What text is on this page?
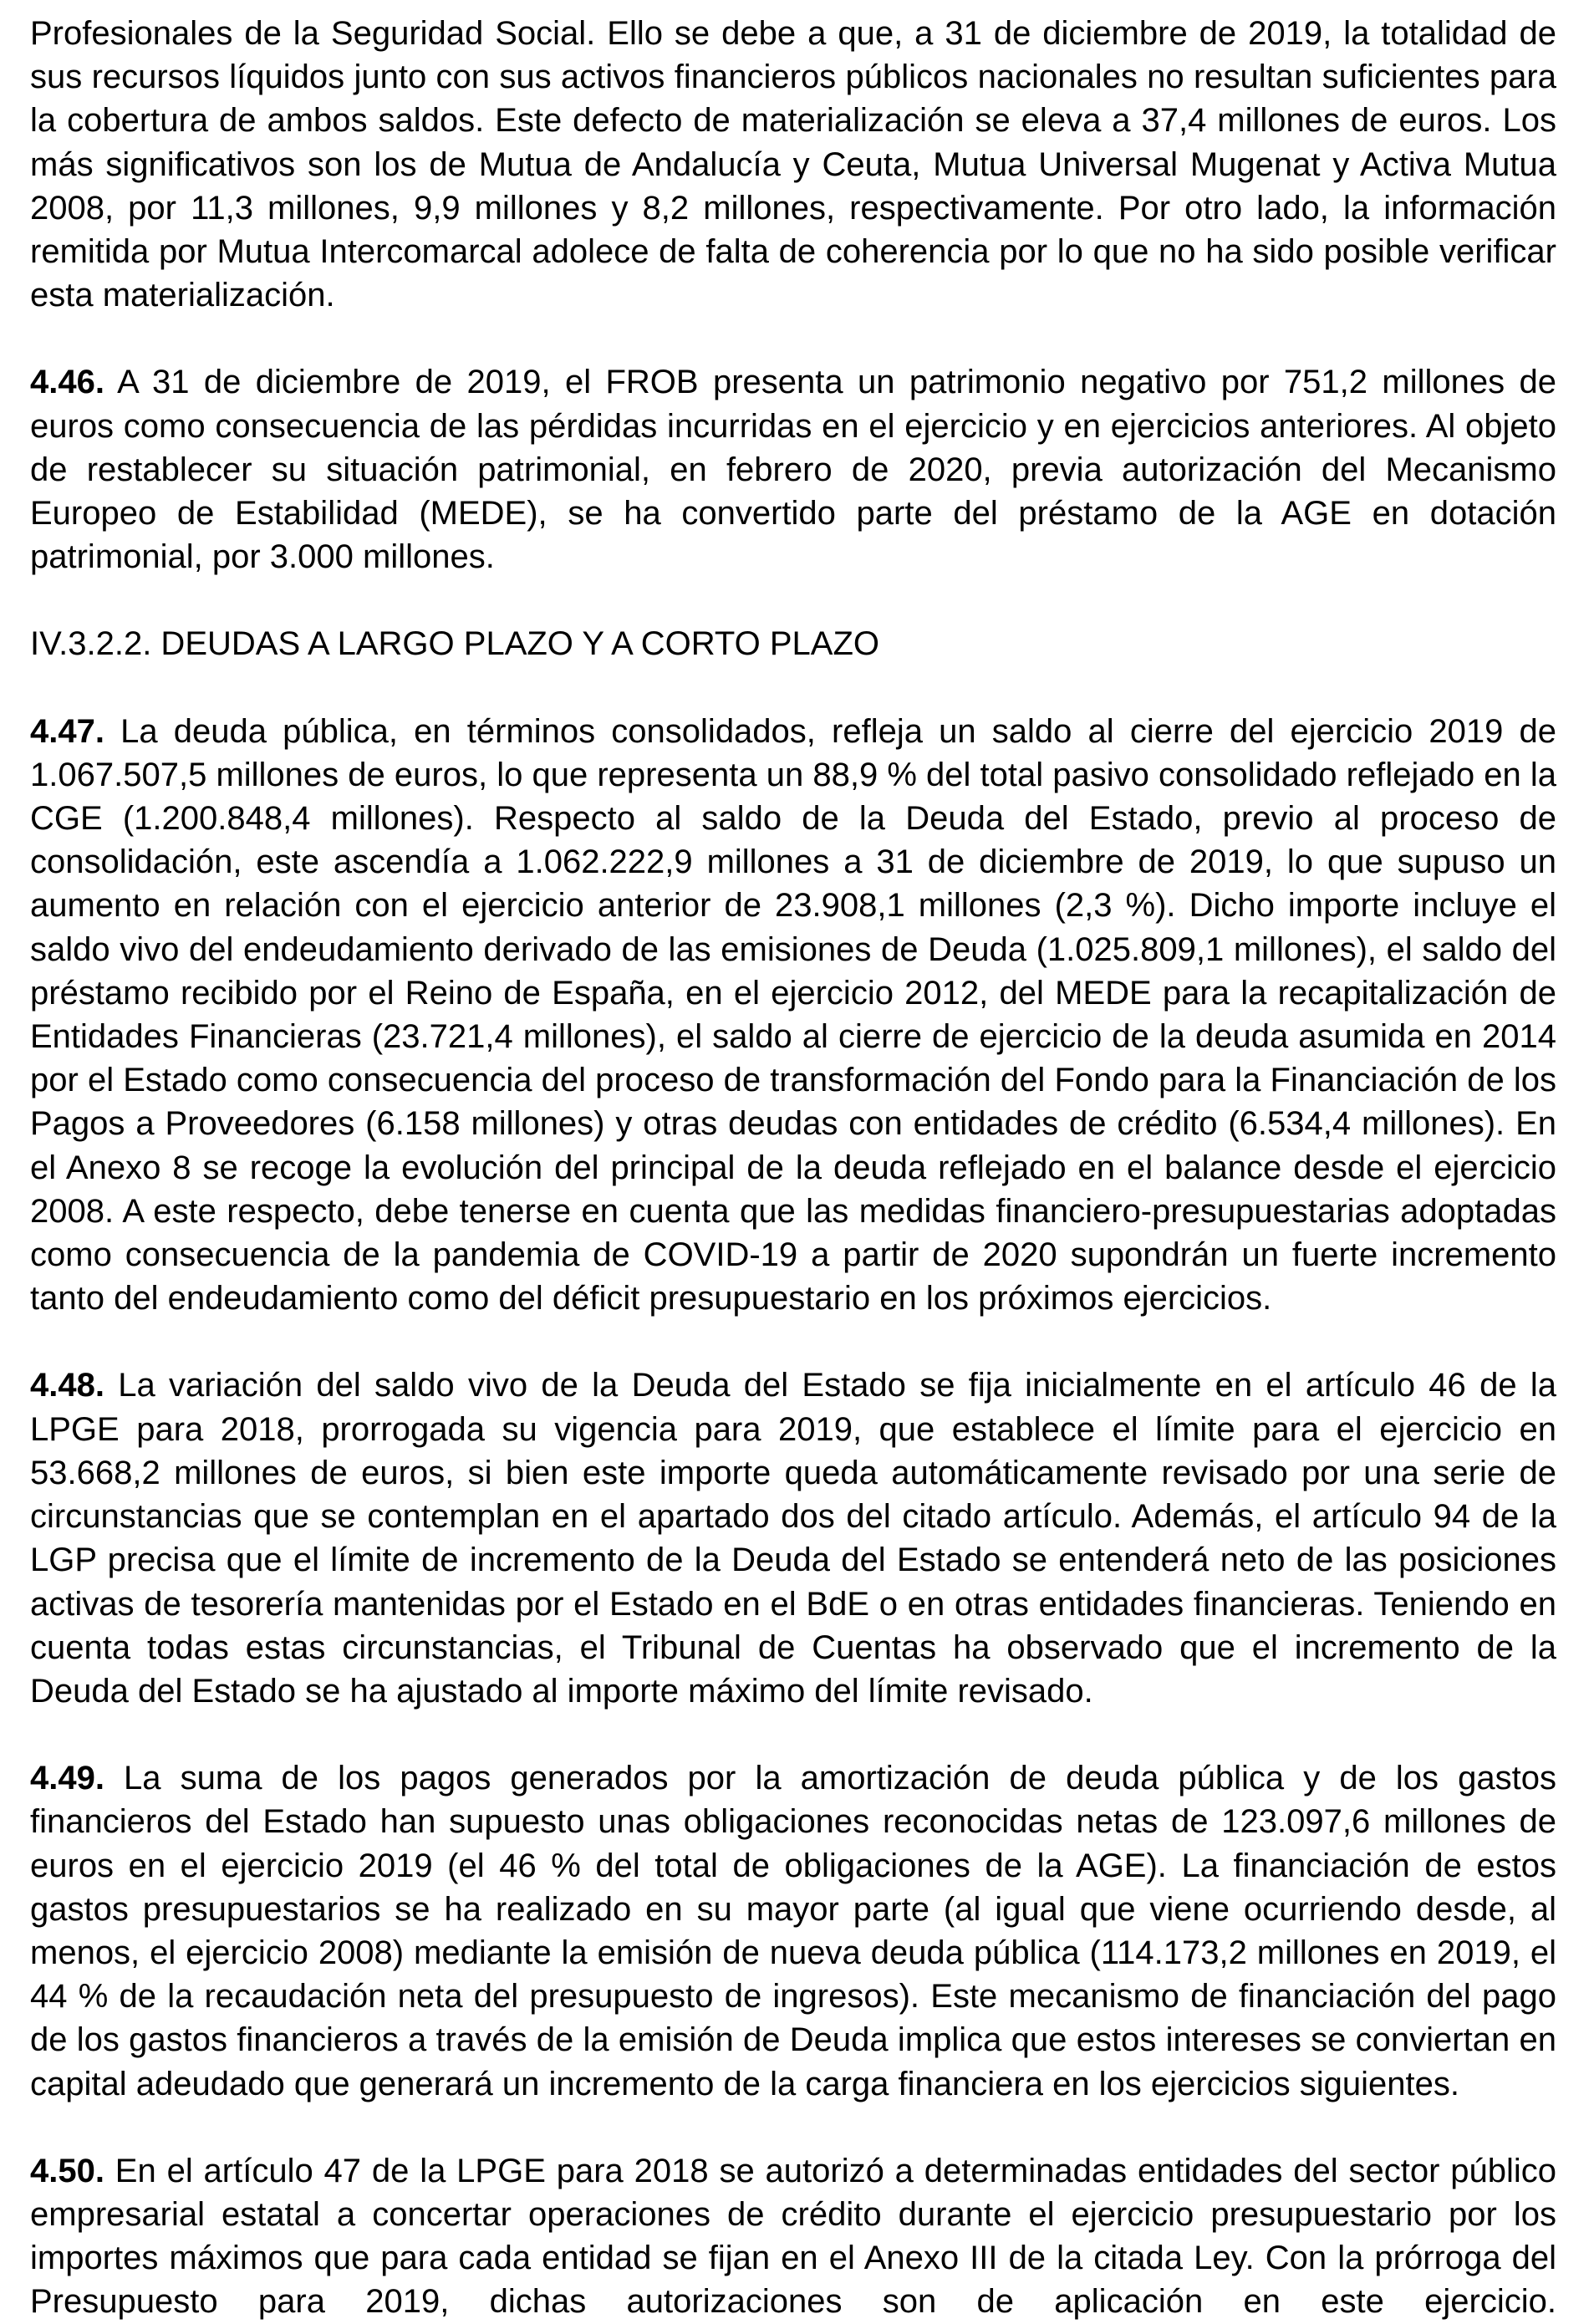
Profesionales de la Seguridad Social. Ello se debe a que, a 31 de diciembre de 2019, la totalidad de sus recursos líquidos junto con sus activos financieros públicos nacionales no resultan suficientes para la cobertura de ambos saldos. Este defecto de materialización se eleva a 37,4 millones de euros. Los más significativos son los de Mutua de Andalucía y Ceuta, Mutua Universal Mugenat y Activa Mutua 2008, por 11,3 millones, 9,9 millones y 8,2 millones, respectivamente. Por otro lado, la información remitida por Mutua Intercomarcal adolece de falta de coherencia por lo que no ha sido posible verificar esta materialización.

4.46. A 31 de diciembre de 2019, el FROB presenta un patrimonio negativo por 751,2 millones de euros como consecuencia de las pérdidas incurridas en el ejercicio y en ejercicios anteriores. Al objeto de restablecer su situación patrimonial, en febrero de 2020, previa autorización del Mecanismo Europeo de Estabilidad (MEDE), se ha convertido parte del préstamo de la AGE en dotación patrimonial, por 3.000 millones.

IV.3.2.2. DEUDAS A LARGO PLAZO Y A CORTO PLAZO

4.47. La deuda pública, en términos consolidados, refleja un saldo al cierre del ejercicio 2019 de 1.067.507,5 millones de euros, lo que representa un 88,9 % del total pasivo consolidado reflejado en la CGE (1.200.848,4 millones). Respecto al saldo de la Deuda del Estado, previo al proceso de consolidación, este ascendía a 1.062.222,9 millones a 31 de diciembre de 2019, lo que supuso un aumento en relación con el ejercicio anterior de 23.908,1 millones (2,3 %). Dicho importe incluye el saldo vivo del endeudamiento derivado de las emisiones de Deuda (1.025.809,1 millones), el saldo del préstamo recibido por el Reino de España, en el ejercicio 2012, del MEDE para la recapitalización de Entidades Financieras (23.721,4 millones), el saldo al cierre de ejercicio de la deuda asumida en 2014 por el Estado como consecuencia del proceso de transformación del Fondo para la Financiación de los Pagos a Proveedores (6.158 millones) y otras deudas con entidades de crédito (6.534,4 millones). En el Anexo 8 se recoge la evolución del principal de la deuda reflejado en el balance desde el ejercicio 2008. A este respecto, debe tenerse en cuenta que las medidas financiero-presupuestarias adoptadas como consecuencia de la pandemia de COVID-19 a partir de 2020 supondrán un fuerte incremento tanto del endeudamiento como del déficit presupuestario en los próximos ejercicios.

4.48. La variación del saldo vivo de la Deuda del Estado se fija inicialmente en el artículo 46 de la LPGE para 2018, prorrogada su vigencia para 2019, que establece el límite para el ejercicio en 53.668,2 millones de euros, si bien este importe queda automáticamente revisado por una serie de circunstancias que se contemplan en el apartado dos del citado artículo. Además, el artículo 94 de la LGP precisa que el límite de incremento de la Deuda del Estado se entenderá neto de las posiciones activas de tesorería mantenidas por el Estado en el BdE o en otras entidades financieras. Teniendo en cuenta todas estas circunstancias, el Tribunal de Cuentas ha observado que el incremento de la Deuda del Estado se ha ajustado al importe máximo del límite revisado.

4.49. La suma de los pagos generados por la amortización de deuda pública y de los gastos financieros del Estado han supuesto unas obligaciones reconocidas netas de 123.097,6 millones de euros en el ejercicio 2019 (el 46 % del total de obligaciones de la AGE). La financiación de estos gastos presupuestarios se ha realizado en su mayor parte (al igual que viene ocurriendo desde, al menos, el ejercicio 2008) mediante la emisión de nueva deuda pública (114.173,2 millones en 2019, el 44 % de la recaudación neta del presupuesto de ingresos). Este mecanismo de financiación del pago de los gastos financieros a través de la emisión de Deuda implica que estos intereses se conviertan en capital adeudado que generará un incremento de la carga financiera en los ejercicios siguientes.

4.50. En el artículo 47 de la LPGE para 2018 se autorizó a determinadas entidades del sector público empresarial estatal a concertar operaciones de crédito durante el ejercicio presupuestario por los importes máximos que para cada entidad se fijan en el Anexo III de la citada Ley. Con la prórroga del Presupuesto para 2019, dichas autorizaciones son de aplicación en este ejercicio.
